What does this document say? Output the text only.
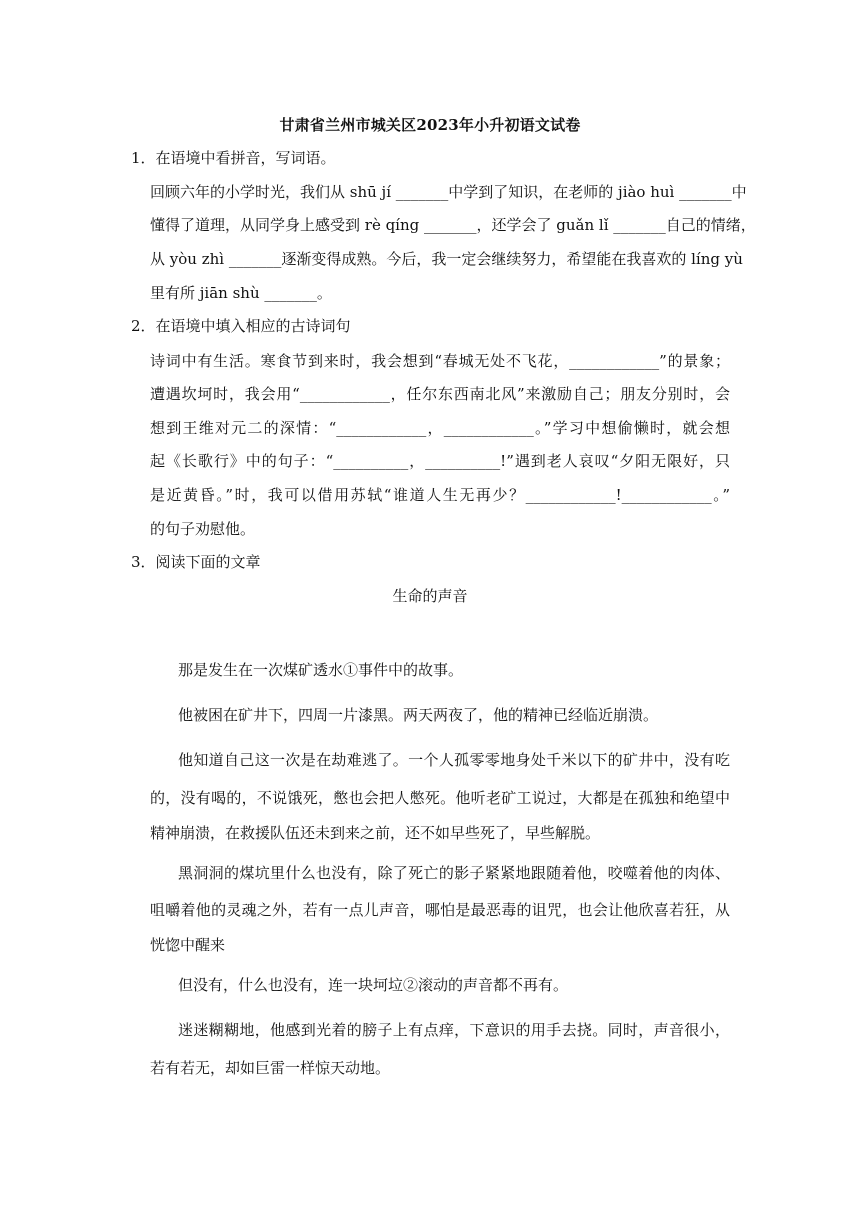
甘肃省兰州市城关区2023年小升初语文试卷
1．在语境中看拼音，写词语。
回顾六年的小学时光，我们从 shū jí _______中学到了知识，在老师的 jiào huì _______中
懂得了道理，从同学身上感受到 rè qíng _______，还学会了 guǎn lǐ _______自己的情绪，
从 yòu zhì _______逐渐变得成熟。今后，我一定会继续努力，希望能在我喜欢的 líng yù
里有所 jiān shù _______。
2．在语境中填入相应的古诗词句
诗词中有生活。寒食节到来时，我会想到“春城无处不飞花，____________”的景象；
遭遇坎坷时，我会用“____________，任尔东西南北风”来激励自己；朋友分别时，会
想到王维对元二的深情：“____________，____________。”学习中想偷懒时，就会想
起《长歌行》中的句子：“__________，__________!”遇到老人哀叹“夕阳无限好，只
是近黄昏。”时，我可以借用苏轼“谁道人生无再少？____________!____________。”
的句子劝慰他。
3．阅读下面的文章
生命的声音
那是发生在一次煤矿透水①事件中的故事。
他被困在矿井下，四周一片漆黑。两天两夜了，他的精神已经临近崩溃。
他知道自己这一次是在劫难逃了。一个人孤零零地身处千米以下的矿井中，没有吃
的，没有喝的，不说饿死，憋也会把人憋死。他听老矿工说过，大都是在孤独和绝望中
精神崩溃，在救援队伍还未到来之前，还不如早些死了，早些解脱。
黑洞洞的煤坑里什么也没有，除了死亡的影子紧紧地跟随着他，咬噬着他的肉体、
咀嚼着他的灵魂之外，若有一点儿声音，哪怕是最恶毒的诅咒，也会让他欣喜若狂，从
恍惚中醒来
但没有，什么也没有，连一块坷垃②滚动的声音都不再有。
迷迷糊糊地，他感到光着的膀子上有点痒，下意识的用手去挠。同时，声音很小，
若有若无，却如巨雷一样惊天动地。
